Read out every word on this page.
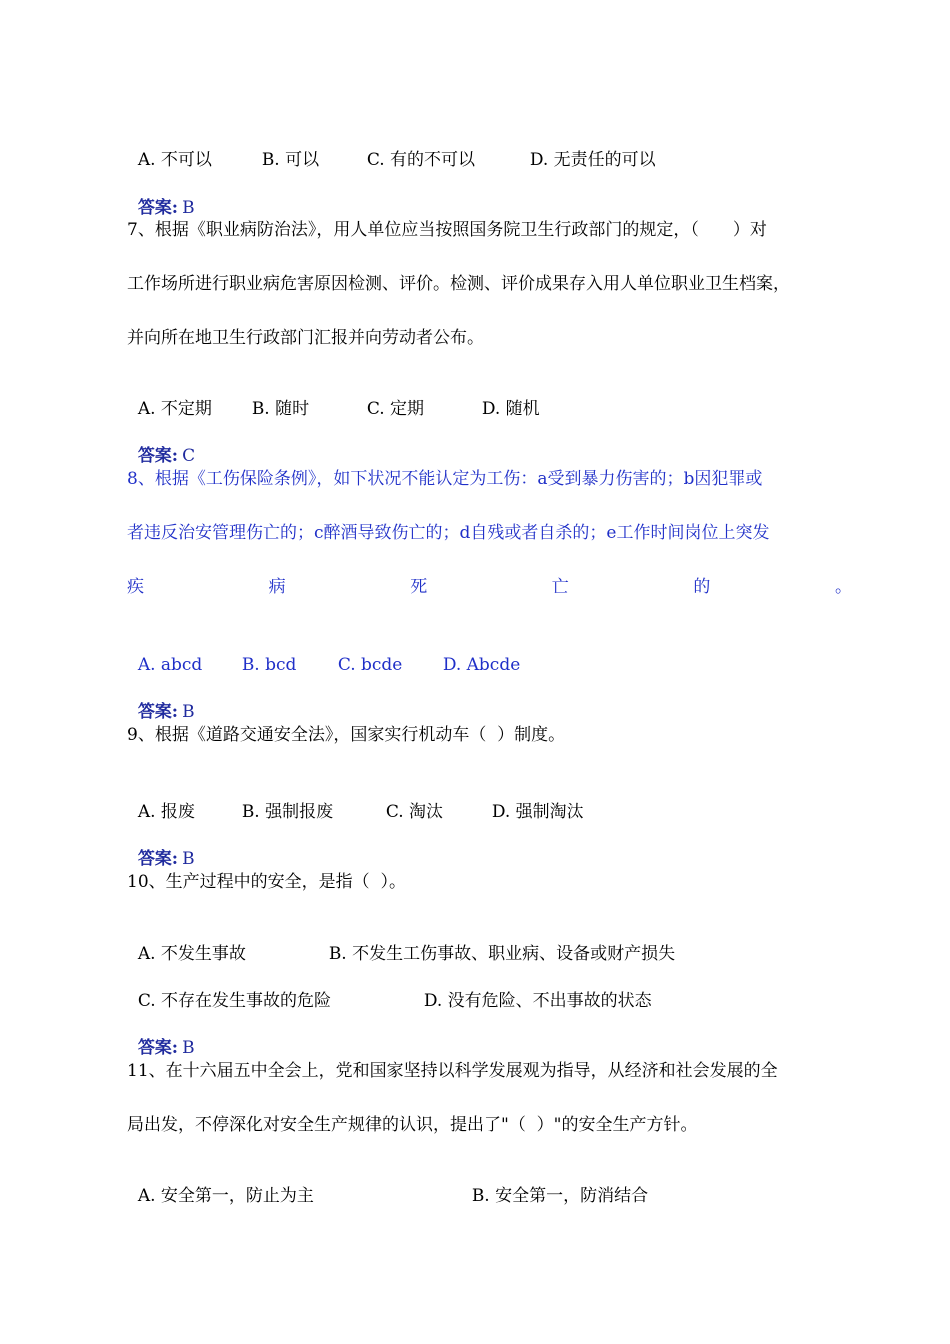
A. 不可以	B. 可以	C. 有的不可以	D. 无责任的可以

答案: B

7、根据《职业病防治法》，用人单位应当按照国务院卫生行政部门的规定，（　　）对
工作场所进行职业病危害原因检测、评价。检测、评价成果存入用人单位职业卫生档案，
并向所在地卫生行政部门汇报并向劳动者公布。

A. 不定期 B. 随时	C. 定期	D. 随机

答案: C

8、根据《工伤保险条例》，如下状况不能认定为工伤：a受到暴力伤害的；b因犯罪或
者违反治安管理伤亡的；c醉酒导致伤亡的；d自残或者自杀的；e工作时间岗位上突发
疾	病	死	亡	的	。

A. abcd B. bcd C. bcde D. Abcde

答案: B

9、根据《道路交通安全法》，国家实行机动车（  ）制度。

A. 报废	B. 强制报废	C. 淘汰	D. 强制淘汰

答案: B

10、生产过程中的安全，是指（  ）。

A. 不发生事故	B. 不发生工伤事故、职业病、设备或财产损失

C. 不存在发生事故的危险	D. 没有危险、不出事故的状态

答案: B

11、在十六届五中全会上，党和国家坚持以科学发展观为指导，从经济和社会发展的全
局出发，不停深化对安全生产规律的认识，提出了"（  ）"的安全生产方针。

A. 安全第一，防止为主	B. 安全第一，防消结合
